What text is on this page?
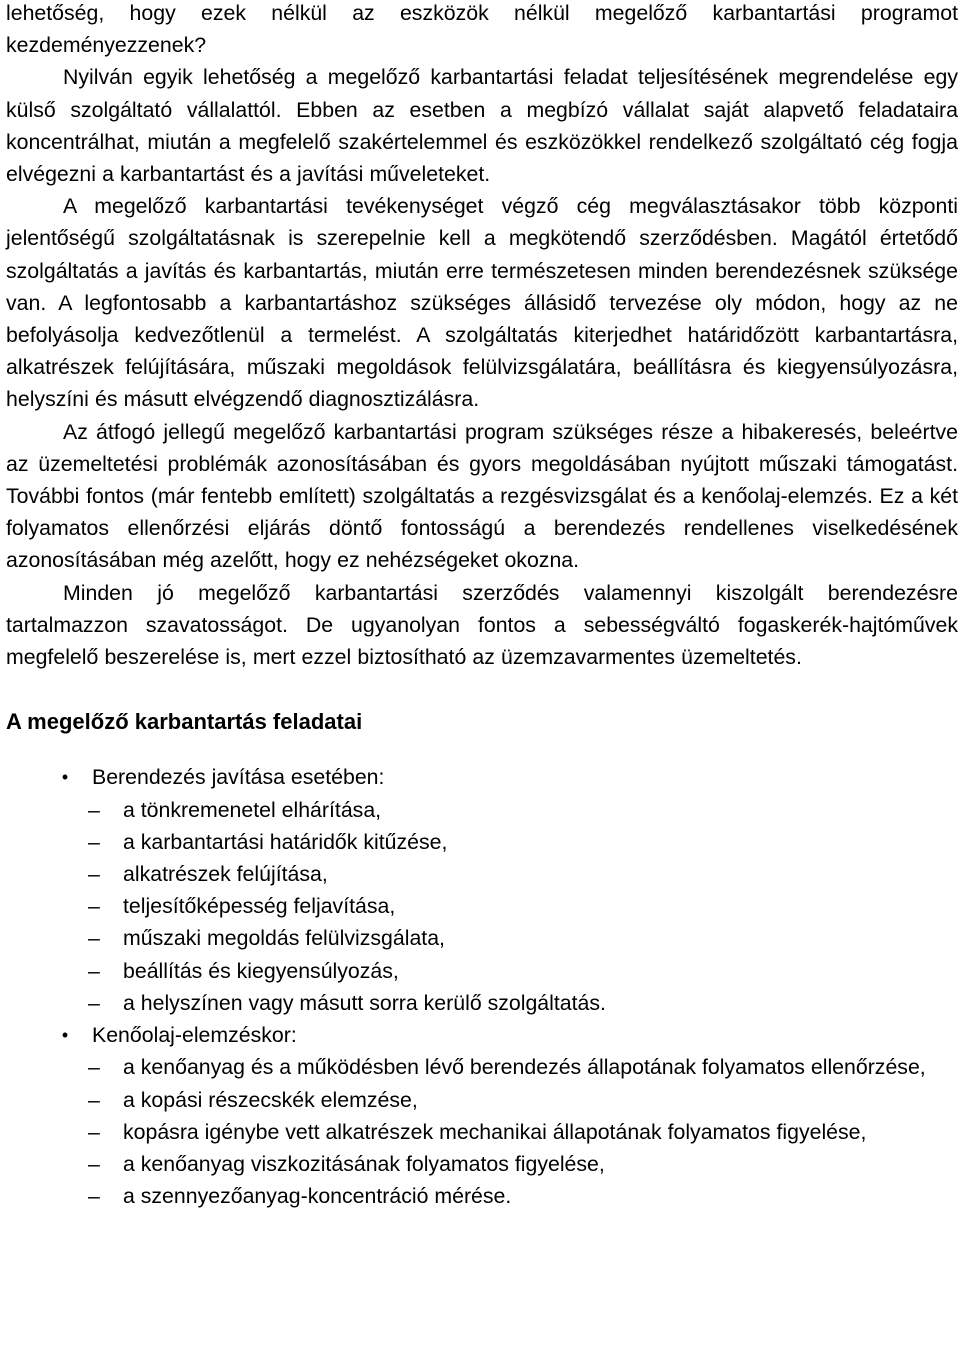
lehetőség, hogy ezek nélkül az eszközök nélkül megelőző karbantartási programot kezdeményezzenek?

Nyilván egyik lehetőség a megelőző karbantartási feladat teljesítésének megrendelése egy külső szolgáltató vállalattól. Ebben az esetben a megbízó vállalat saját alapvető feladataira koncentrálhat, miután a megfelelő szakértelemmel és eszközökkel rendelkező szolgáltató cég fogja elvégezni a karbantartást és a javítási műveleteket.

A megelőző karbantartási tevékenységet végző cég megválasztásakor több központi jelentőségű szolgáltatásnak is szerepelnie kell a megkötendő szerződésben. Magától értetődő szolgáltatás a javítás és karbantartás, miután erre természetesen minden berendezésnek szüksége van. A legfontosabb a karbantartáshoz szükséges állásidő tervezése oly módon, hogy az ne befolyásolja kedvezőtlenül a termelést. A szolgáltatás kiterjedhet határidőzött karbantartásra, alkatrészek felújítására, műszaki megoldások felülvizsgálatára, beállításra és kiegyensúlyozásra, helyszíni és másutt elvégzendő diagnosztizálásra.

Az átfogó jellegű megelőző karbantartási program szükséges része a hibakeresés, beleértve az üzemeltetési problémák azonosításában és gyors megoldásában nyújtott műszaki támogatást. További fontos (már fentebb említett) szolgáltatás a rezgésvizsgálat és a kenőolaj-elemzés. Ez a két folyamatos ellenőrzési eljárás döntő fontosságú a berendezés rendellenes viselkedésének azonosításában még azelőtt, hogy ez nehézségeket okozna.

Minden jó megelőző karbantartási szerződés valamennyi kiszolgált berendezésre tartalmazzon szavatosságot. De ugyanolyan fontos a sebességváltó fogaskerék-hajtóművek megfelelő beszerelése is, mert ezzel biztosítható az üzemzavarmentes üzemeltetés.

A megelőző karbantartás feladatai
•	Berendezés javítása esetében:
–	a tönkremenetel elhárítása,
–	a karbantartási határidők kitűzése,
–	alkatrészek felújítása,
–	teljesítőképesség feljavítása,
–	műszaki megoldás felülvizsgálata,
–	beállítás és kiegyensúlyozás,
–	a helyszínen vagy másutt sorra kerülő szolgáltatás.
•	Kenőolaj-elemzéskor:
–	a kenőanyag és a működésben lévő berendezés állapotának folyamatos ellenőrzése,
–	a kopási részecskék elemzése,
–	kopásra igénybe vett alkatrészek mechanikai állapotának folyamatos figyelése,
–	a kenőanyag viszkozitásának folyamatos figyelése,
–	a szennyezőanyag-koncentráció mérése.
